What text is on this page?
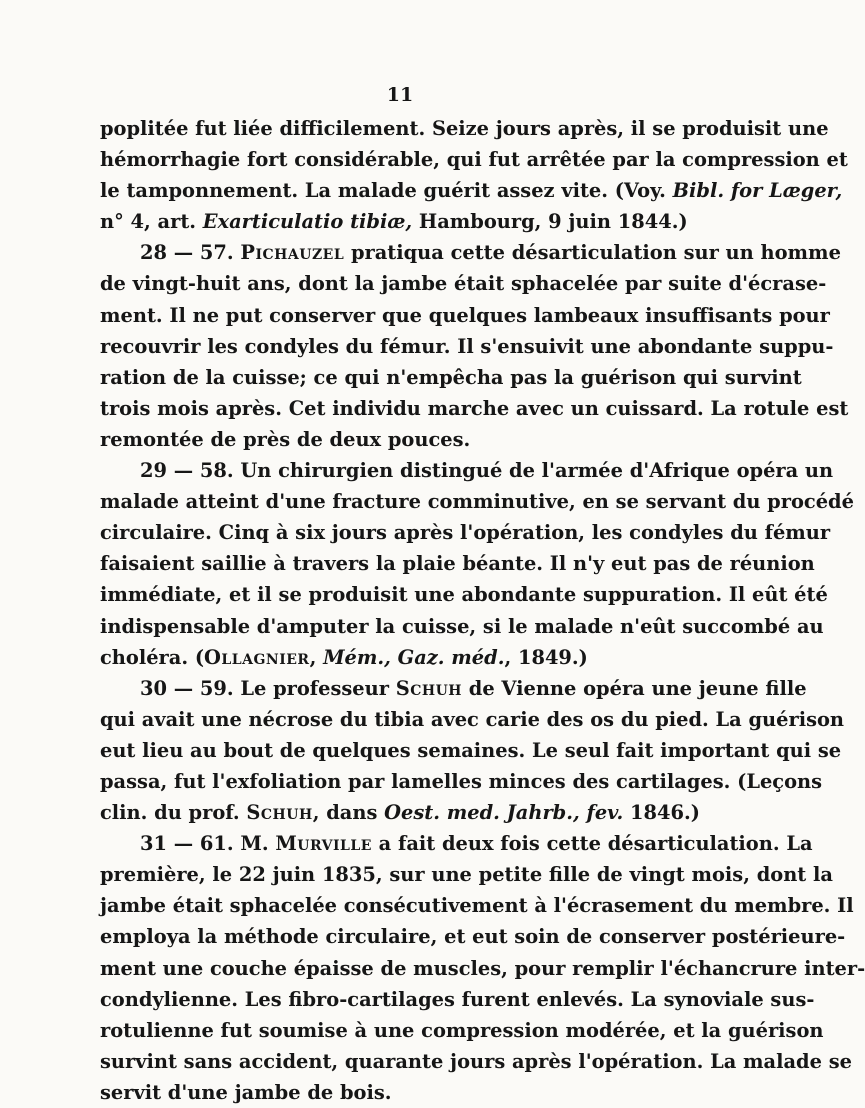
11
poplitée fut liée difficilement. Seize jours après, il se produisit une
hémorrhagie fort considérable, qui fut arrêtée par la compression et
le tamponnement. La malade guérit assez vite. (Voy. Bibl. for Læger,
n° 4, art. Exarticulatio tibiæ, Hambourg, 9 juin 1844.)
28 — 57. Pichauzel pratiqua cette désarticulation sur un homme
de vingt-huit ans, dont la jambe était sphacelée par suite d'écrase-
ment. Il ne put conserver que quelques lambeaux insuffisants pour
recouvrir les condyles du fémur. Il s'ensuivit une abondante suppu-
ration de la cuisse; ce qui n'empêcha pas la guérison qui survint
trois mois après. Cet individu marche avec un cuissard. La rotule est
remontée de près de deux pouces.
29 — 58. Un chirurgien distingué de l'armée d'Afrique opéra un
malade atteint d'une fracture comminutive, en se servant du procédé
circulaire. Cinq à six jours après l'opération, les condyles du fémur
faisaient saillie à travers la plaie béante. Il n'y eut pas de réunion
immédiate, et il se produisit une abondante suppuration. Il eût été
indispensable d'amputer la cuisse, si le malade n'eût succombé au
choléra. (Ollagnier, Mém., Gaz. méd., 1849.)
30 — 59. Le professeur Schuh de Vienne opéra une jeune fille
qui avait une nécrose du tibia avec carie des os du pied. La guérison
eut lieu au bout de quelques semaines. Le seul fait important qui se
passa, fut l'exfoliation par lamelles minces des cartilages. (Leçons
clin. du prof. Schuh, dans Oest. med. Jahrb., fev. 1846.)
31 — 61. M. Murville a fait deux fois cette désarticulation. La
première, le 22 juin 1835, sur une petite fille de vingt mois, dont la
jambe était sphacelée consécutivement à l'écrasement du membre. Il
employa la méthode circulaire, et eut soin de conserver postérieure-
ment une couche épaisse de muscles, pour remplir l'échancrure inter-
condylienne. Les fibro-cartilages furent enlevés. La synoviale sus-
rotulienne fut soumise à une compression modérée, et la guérison
survint sans accident, quarante jours après l'opération. La malade se
servit d'une jambe de bois.
